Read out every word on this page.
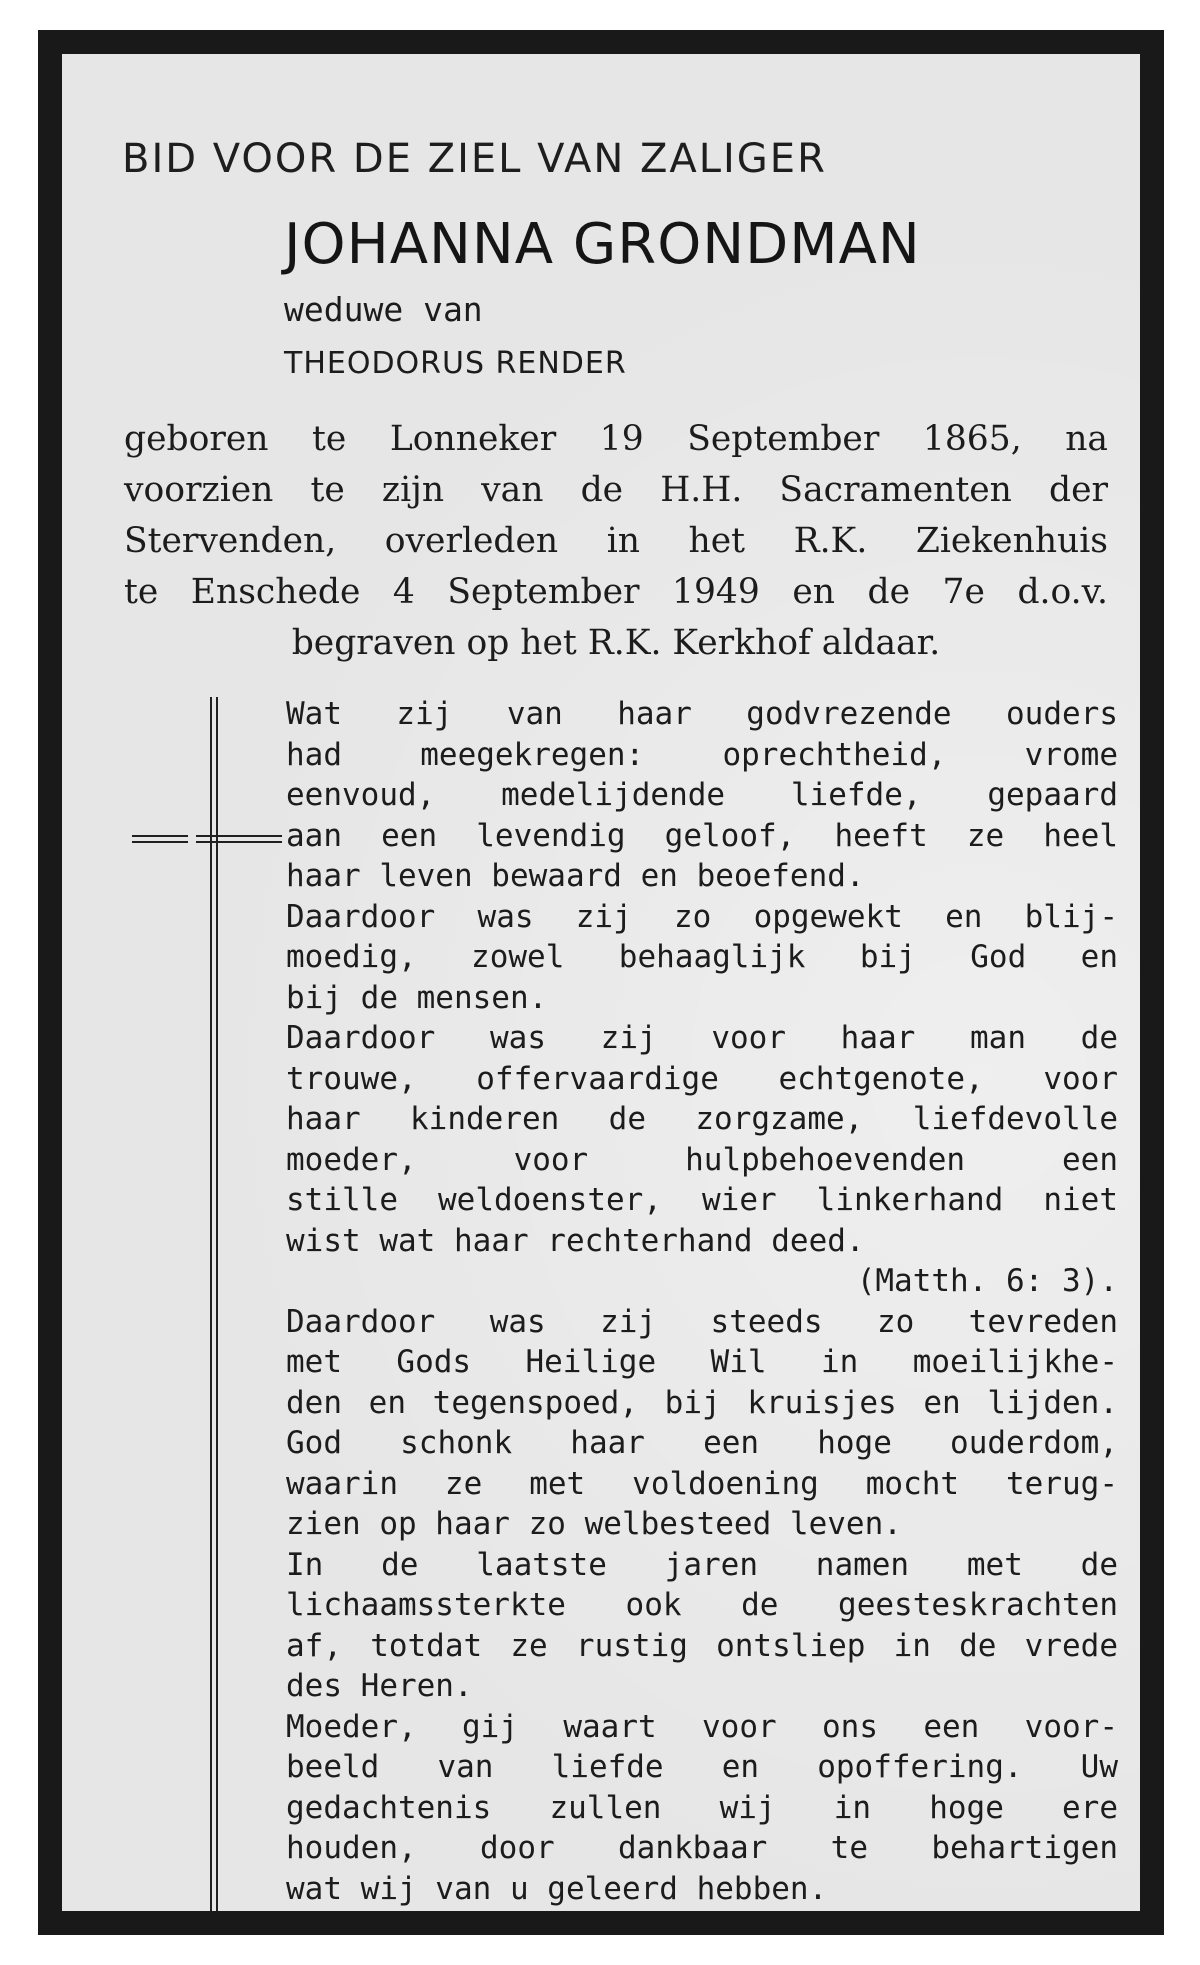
BID VOOR DE ZIEL VAN ZALIGER
JOHANNA GRONDMAN
weduwe van
THEODORUS RENDER
geboren te Lonneker 19 September 1865, na
voorzien te zijn van de H.H. Sacramenten der
Stervenden, overleden in het R.K. Ziekenhuis
te Enschede 4 September 1949 en de 7e d.o.v.
begraven op het R.K. Kerkhof aldaar.
Wat zij van haar godvrezende ouders
had meegekregen: oprechtheid, vrome
eenvoud, medelijdende liefde, gepaard
aan een levendig geloof, heeft ze heel
haar leven bewaard en beoefend.
Daardoor was zij zo opgewekt en blij-
moedig, zowel behaaglijk bij God en
bij de mensen.
Daardoor was zij voor haar man de
trouwe, offervaardige echtgenote, voor
haar kinderen de zorgzame, liefdevolle
moeder, voor hulpbehoevenden een
stille weldoenster, wier linkerhand niet
wist wat haar rechterhand deed.
(Matth. 6: 3).
Daardoor was zij steeds zo tevreden
met Gods Heilige Wil in moeilijkhe-
den en tegenspoed, bij kruisjes en lijden.
God schonk haar een hoge ouderdom,
waarin ze met voldoening mocht terug-
zien op haar zo welbesteed leven.
In de laatste jaren namen met de
lichaamssterkte ook de geesteskrachten
af, totdat ze rustig ontsliep in de vrede
des Heren.
Moeder, gij waart voor ons een voor-
beeld van liefde en opoffering. Uw
gedachtenis zullen wij in hoge ere
houden, door dankbaar te behartigen
wat wij van u geleerd hebben.
